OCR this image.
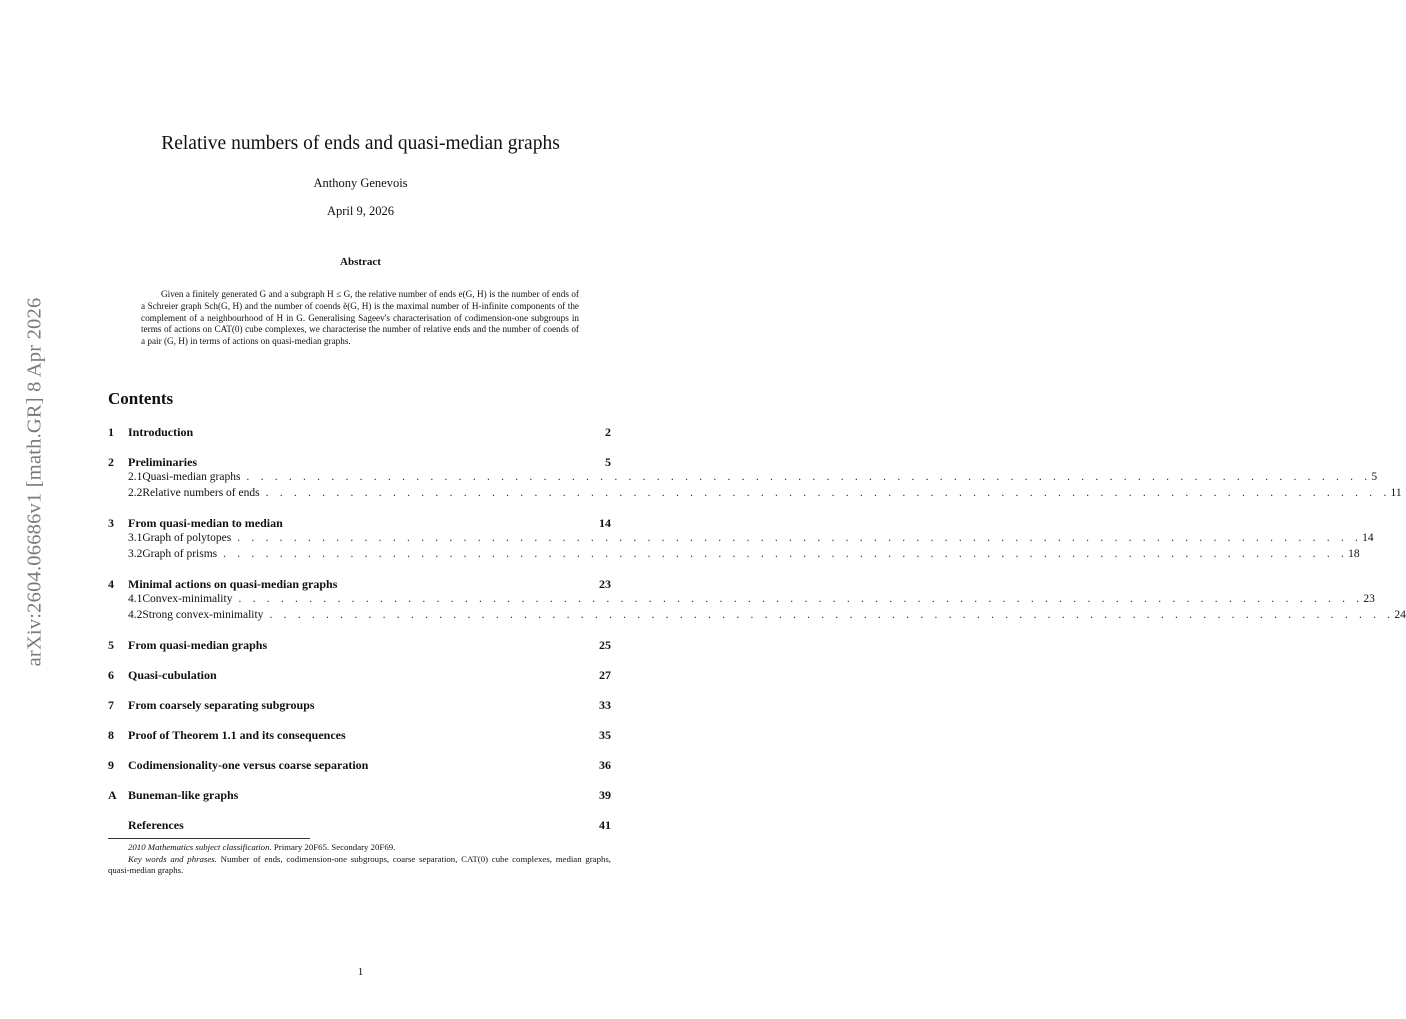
arXiv:2604.06686v1 [math.GR] 8 Apr 2026
Relative numbers of ends and quasi-median graphs
Anthony Genevois
April 9, 2026
Abstract
Given a finitely generated G and a subgraph H ≤ G, the relative number of ends e(G, H) is the number of ends of a Schreier graph Sch(G, H) and the number of coends ẽ(G, H) is the maximal number of H-infinite components of the complement of a neighbourhood of H in G. Generalising Sageev's characterisation of codimension-one subgroups in terms of actions on CAT(0) cube complexes, we characterise the number of relative ends and the number of coends of a pair (G, H) in terms of actions on quasi-median graphs.
Contents
1	Introduction	2
2	Preliminaries	5
2.1 Quasi-median graphs . . . . . . . . . . . . . . . . . . . . . . . . . . . . . . . . . . . . . . . . . . . . . . . . . . . . . . . . . . . . . . . . . . . . . . . . . . . . . . . . 5
2.2 Relative numbers of ends . . . . . . . . . . . . . . . . . . . . . . . . . . . . . . . . . . . . . . . . . . . . . . . . . . . . . . . . . . . . . . . . . . . . . . . . . . . . . . . . 11
3	From quasi-median to median	14
3.1 Graph of polytopes . . . . . . . . . . . . . . . . . . . . . . . . . . . . . . . . . . . . . . . . . . . . . . . . . . . . . . . . . . . . . . . . . . . . . . . . . . . . . . . . 14
3.2 Graph of prisms . . . . . . . . . . . . . . . . . . . . . . . . . . . . . . . . . . . . . . . . . . . . . . . . . . . . . . . . . . . . . . . . . . . . . . . . . . . . . . . . 18
4	Minimal actions on quasi-median graphs	23
4.1 Convex-minimality . . . . . . . . . . . . . . . . . . . . . . . . . . . . . . . . . . . . . . . . . . . . . . . . . . . . . . . . . . . . . . . . . . . . . . . . . . . . . . . . 23
4.2 Strong convex-minimality . . . . . . . . . . . . . . . . . . . . . . . . . . . . . . . . . . . . . . . . . . . . . . . . . . . . . . . . . . . . . . . . . . . . . . . . . . . . . . . . 24
5	From quasi-median graphs	25
6	Quasi-cubulation	27
7	From coarsely separating subgroups	33
8	Proof of Theorem 1.1 and its consequences	35
9	Codimensionality-one versus coarse separation	36
A Buneman-like graphs	39
References	41

2010 Mathematics subject classification. Primary 20F65. Secondary 20F69.

Key words and phrases. Number of ends, codimension-one subgroups, coarse separation, CAT(0) cube complexes, median graphs, quasi-median graphs.

1
